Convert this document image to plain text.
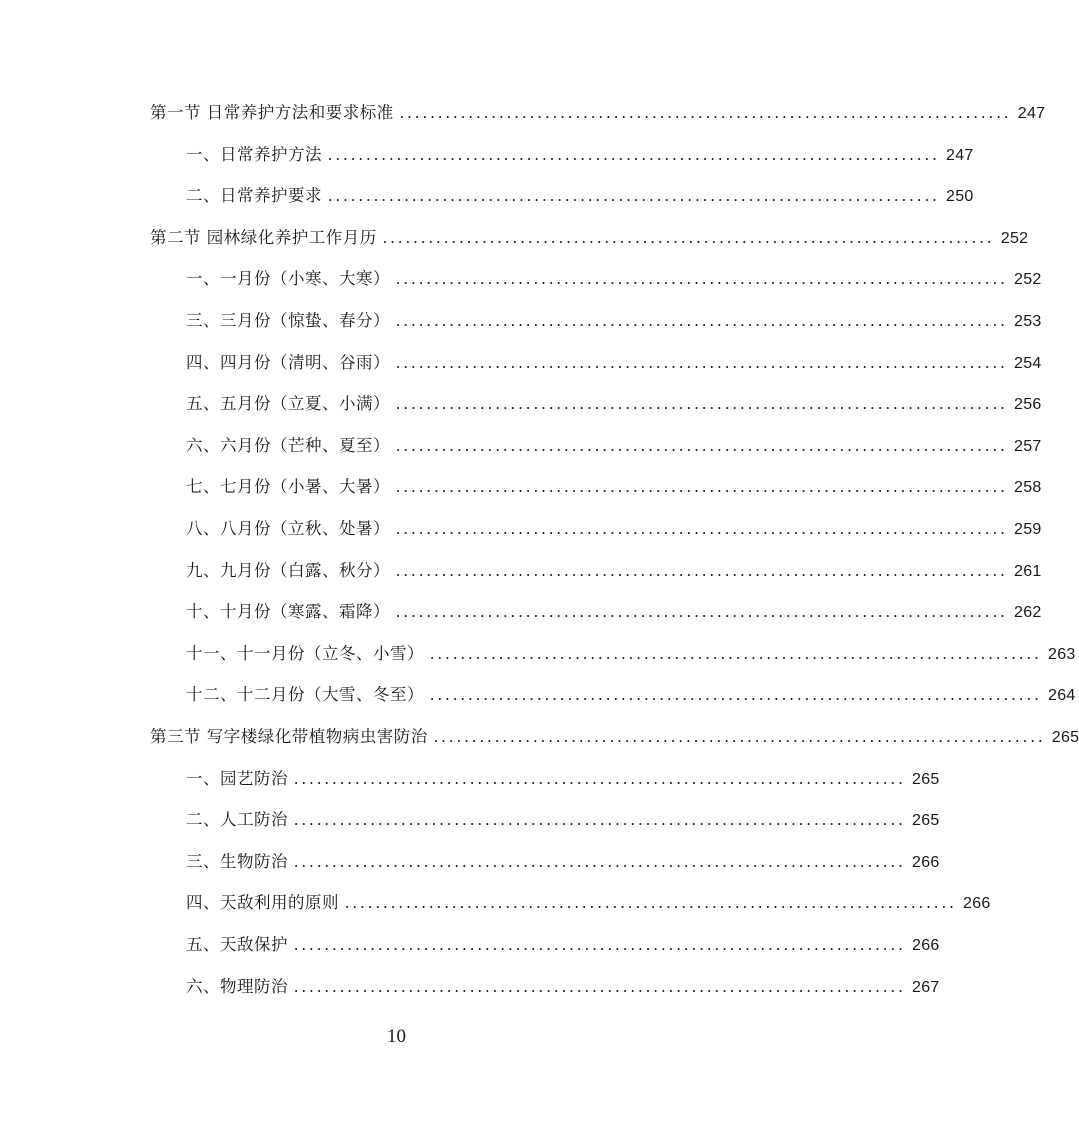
第一节 日常养护方法和要求标准 ................................................................................ 247
一、日常养护方法 ................................................................................ 247
二、日常养护要求 ................................................................................ 250
第二节 园林绿化养护工作月历 ................................................................................ 252
一、一月份（小寒、大寒） ................................................................................ 252
三、三月份（惊蛰、春分） ................................................................................ 253
四、四月份（清明、谷雨） ................................................................................ 254
五、五月份（立夏、小满） ................................................................................ 256
六、六月份（芒种、夏至） ................................................................................ 257
七、七月份（小暑、大暑） ................................................................................ 258
八、八月份（立秋、处暑） ................................................................................ 259
九、九月份（白露、秋分） ................................................................................ 261
十、十月份（寒露、霜降） ................................................................................ 262
十一、十一月份（立冬、小雪） ................................................................................ 263
十二、十二月份（大雪、冬至） ................................................................................ 264
第三节 写字楼绿化带植物病虫害防治 ................................................................................ 265
一、园艺防治 ................................................................................ 265
二、人工防治 ................................................................................ 265
三、生物防治 ................................................................................ 266
四、天敌利用的原则 ................................................................................ 266
五、天敌保护 ................................................................................ 266
六、物理防治 ................................................................................ 267
10
